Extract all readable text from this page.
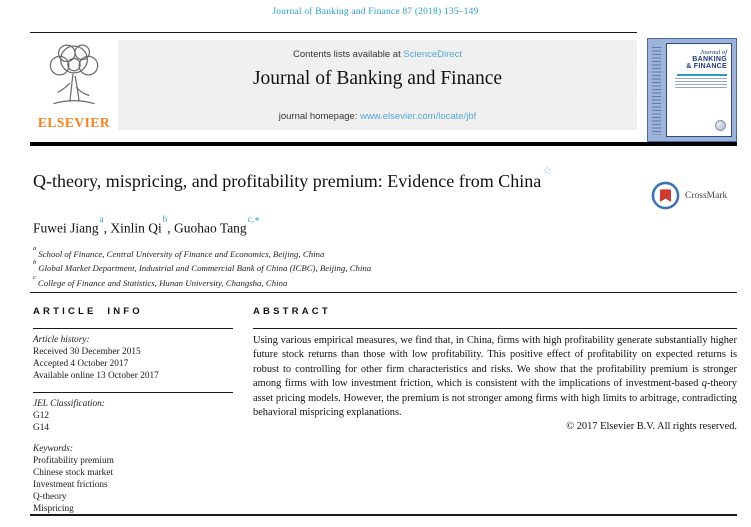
Journal of Banking and Finance 87 (2018) 135–149
ELSEVIER
Contents lists available at ScienceDirect
Journal of Banking and Finance
journal homepage: www.elsevier.com/locate/jbf
Journal of
BANKING
& FINANCE
Q-theory, mispricing, and profitability premium: Evidence from China☆
CrossMark
Fuwei Jiang$^a$, Xinlin Qi$^b$, Guohao Tang$^{c,∗}$
$^a$School of Finance, Central University of Finance and Economics, Beijing, China
$^b$Global Market Department, Industrial and Commercial Bank of China (ICBC), Beijing, China
$^c$College of Finance and Statistics, Hunan University, Changsha, China
ARTICLE INFO
Article history:
Received 30 December 2015
Accepted 4 October 2017
Available online 13 October 2017
JEL Classification:
G12
G14
Keywords:
Profitability premium
Chinese stock market
Investment frictions
Q-theory
Mispricing
ABSTRACT

Using various empirical measures, we find that, in China, firms with high profitability generate substantially higher future stock returns than those with low profitability. This positive effect of profitability on expected returns is robust to controlling for other firm characteristics and risks. We show that the profitability premium is stronger among firms with low investment friction, which is consistent with the implications of investment-based q-theory asset pricing models. However, the premium is not stronger among firms with high limits to arbitrage, contradicting behavioral mispricing explanations.

© 2017 Elsevier B.V. All rights reserved.
